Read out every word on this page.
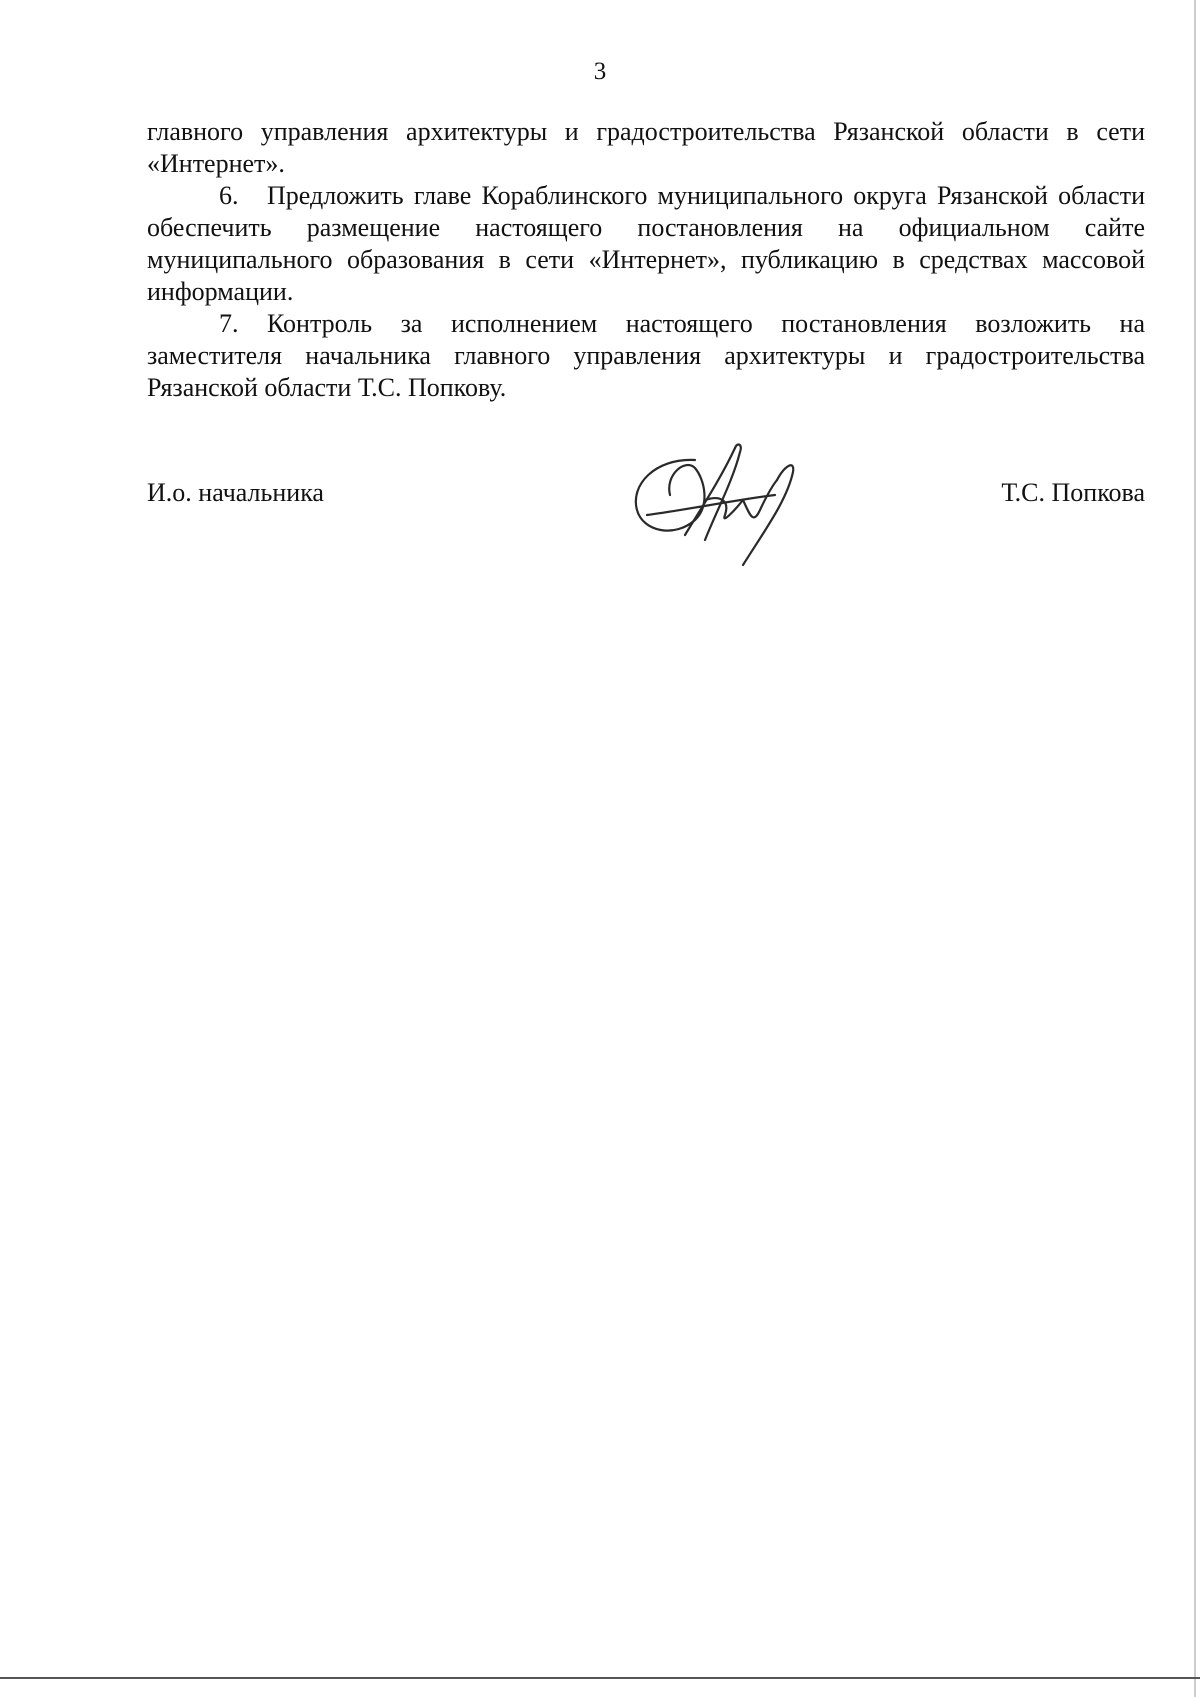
3

главного управления архитектуры и градостроительства Рязанской области в сети «Интернет».

6. Предложить главе Кораблинского муниципального округа Рязанской области обеспечить размещение настоящего постановления на официальном сайте муниципального образования в сети «Интернет», публикацию в средствах массовой информации.

7. Контроль за исполнением настоящего постановления возложить на заместителя начальника главного управления архитектуры и градостроительства Рязанской области Т.С. Попкову.

И.о. начальника	Т.С. Попкова
